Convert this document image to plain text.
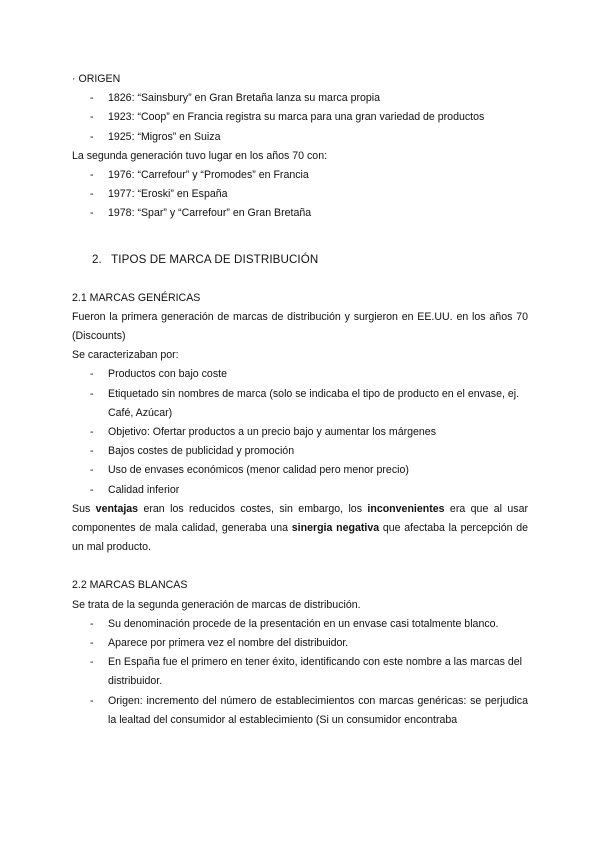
· ORIGEN
- 1826: “Sainsbury” en Gran Bretaña lanza su marca propia
- 1923: “Coop” en Francia registra su marca para una gran variedad de productos
- 1925: “Migros” en Suiza
La segunda generación tuvo lugar en los años 70 con:
- 1976: “Carrefour” y “Promodes” en Francia
- 1977: “Eroski” en España
- 1978: “Spar” y “Carrefour” en Gran Bretaña
2. TIPOS DE MARCA DE DISTRIBUCIÓN
2.1 MARCAS GENÉRICAS
Fueron la primera generación de marcas de distribución y surgieron en EE.UU. en los años 70 (Discounts)
Se caracterizaban por:
- Productos con bajo coste
- Etiquetado sin nombres de marca (solo se indicaba el tipo de producto en el envase, ej. Café, Azúcar)
- Objetivo: Ofertar productos a un precio bajo y aumentar los márgenes
- Bajos costes de publicidad y promoción
- Uso de envases económicos (menor calidad pero menor precio)
- Calidad inferior
Sus ventajas eran los reducidos costes, sin embargo, los inconvenientes era que al usar componentes de mala calidad, generaba una sinergia negativa que afectaba la percepción de un mal producto.
2.2 MARCAS BLANCAS
Se trata de la segunda generación de marcas de distribución.
- Su denominación procede de la presentación en un envase casi totalmente blanco.
- Aparece por primera vez el nombre del distribuidor.
- En España fue el primero en tener éxito, identificando con este nombre a las marcas del distribuidor.
- Origen: incremento del número de establecimientos con marcas genéricas: se perjudica la lealtad del consumidor al establecimiento (Si un consumidor encontraba
